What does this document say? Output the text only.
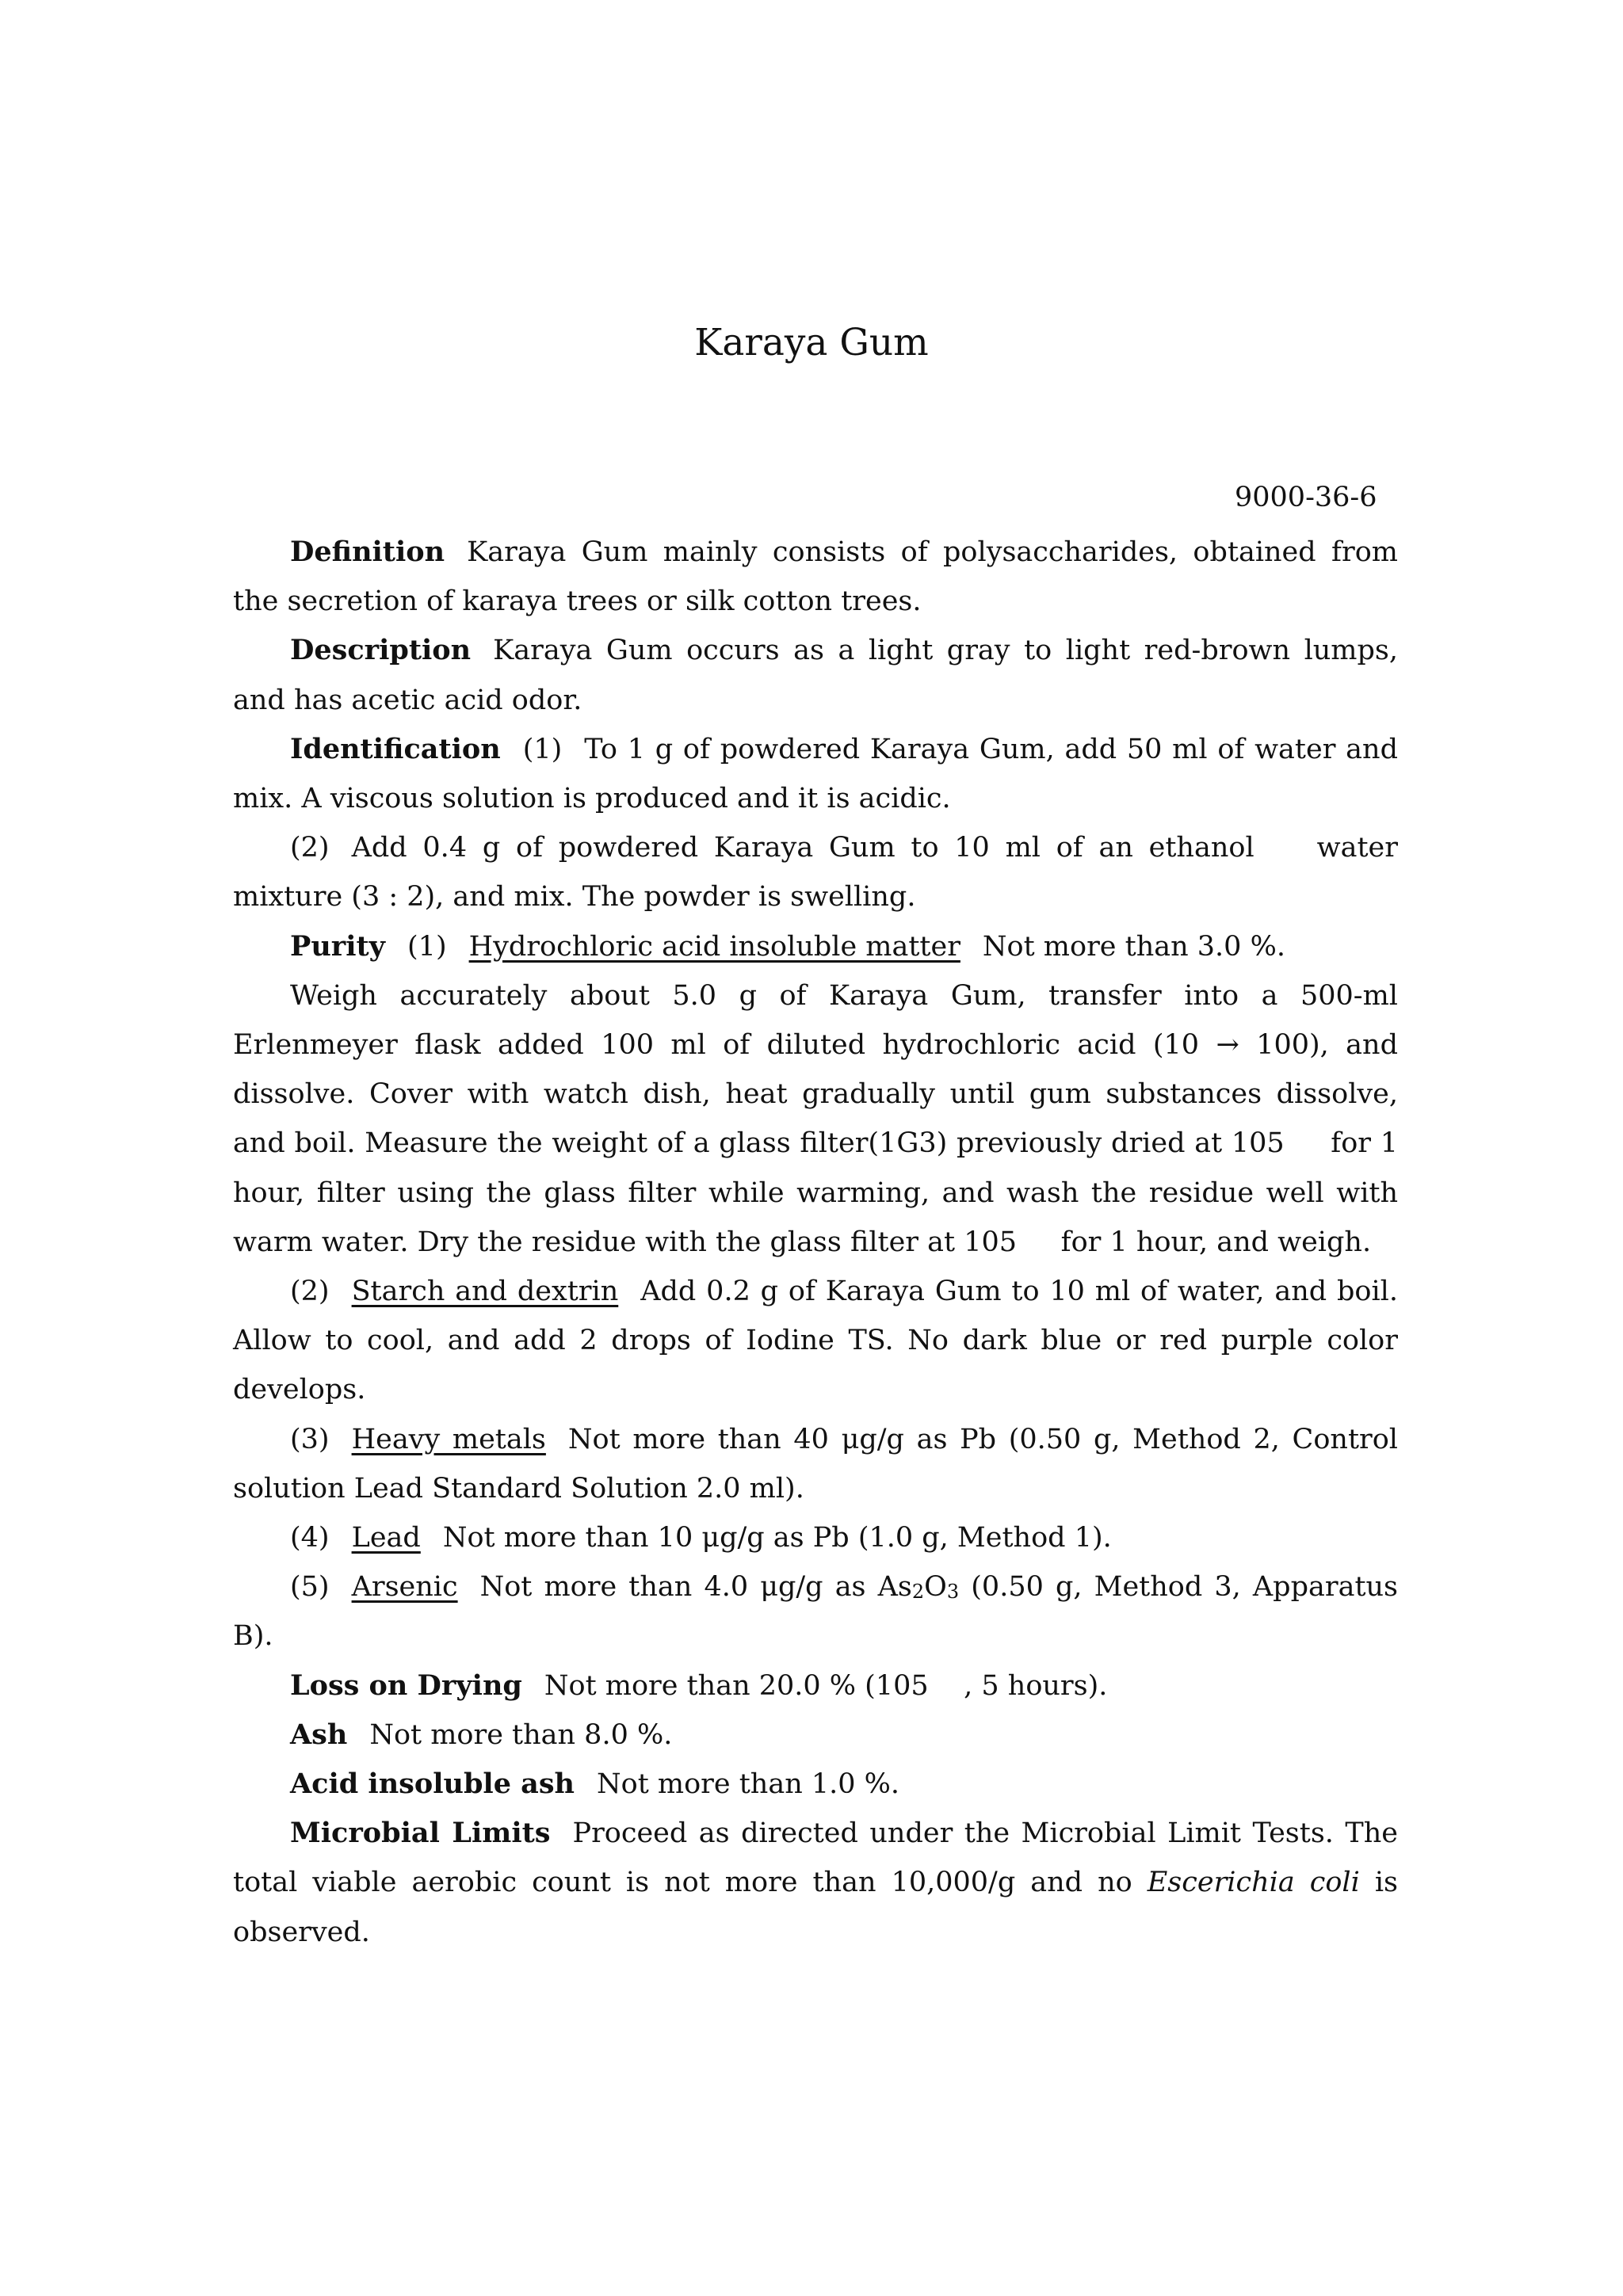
Karaya Gum
9000-36-6

Definition Karaya Gum mainly consists of polysaccharides, obtained from the secretion of karaya trees or silk cotton trees.

Description Karaya Gum occurs as a light gray to light red-brown lumps, and has acetic acid odor.

Identification (1) To 1 g of powdered Karaya Gum, add 50 ml of water and mix. A viscous solution is produced and it is acidic.

(2) Add 0.4 g of powdered Karaya Gum to 10 ml of an ethanol    water mixture (3 : 2), and mix. The powder is swelling.

Purity (1) Hydrochloric acid insoluble matter Not more than 3.0 %.

Weigh accurately about 5.0 g of Karaya Gum, transfer into a 500-ml Erlenmeyer flask added 100 ml of diluted hydrochloric acid (10 → 100), and dissolve. Cover with watch dish, heat gradually until gum substances dissolve, and boil. Measure the weight of a glass filter(1G3) previously dried at 105     for 1 hour, filter using the glass filter while warming, and wash the residue well with warm water. Dry the residue with the glass filter at 105     for 1 hour, and weigh.

(2) Starch and dextrin Add 0.2 g of Karaya Gum to 10 ml of water, and boil. Allow to cool, and add 2 drops of Iodine TS. No dark blue or red purple color develops.

(3) Heavy metals Not more than 40 μg/g as Pb (0.50 g, Method 2, Control solution Lead Standard Solution 2.0 ml).

(4) Lead Not more than 10 μg/g as Pb (1.0 g, Method 1).

(5) Arsenic Not more than 4.0 μg/g as As2O3 (0.50 g, Method 3, Apparatus B).

Loss on Drying Not more than 20.0 % (105    , 5 hours).

Ash Not more than 8.0 %.

Acid insoluble ash Not more than 1.0 %.

Microbial Limits Proceed as directed under the Microbial Limit Tests. The total viable aerobic count is not more than 10,000/g and no Escerichia coli is observed.
